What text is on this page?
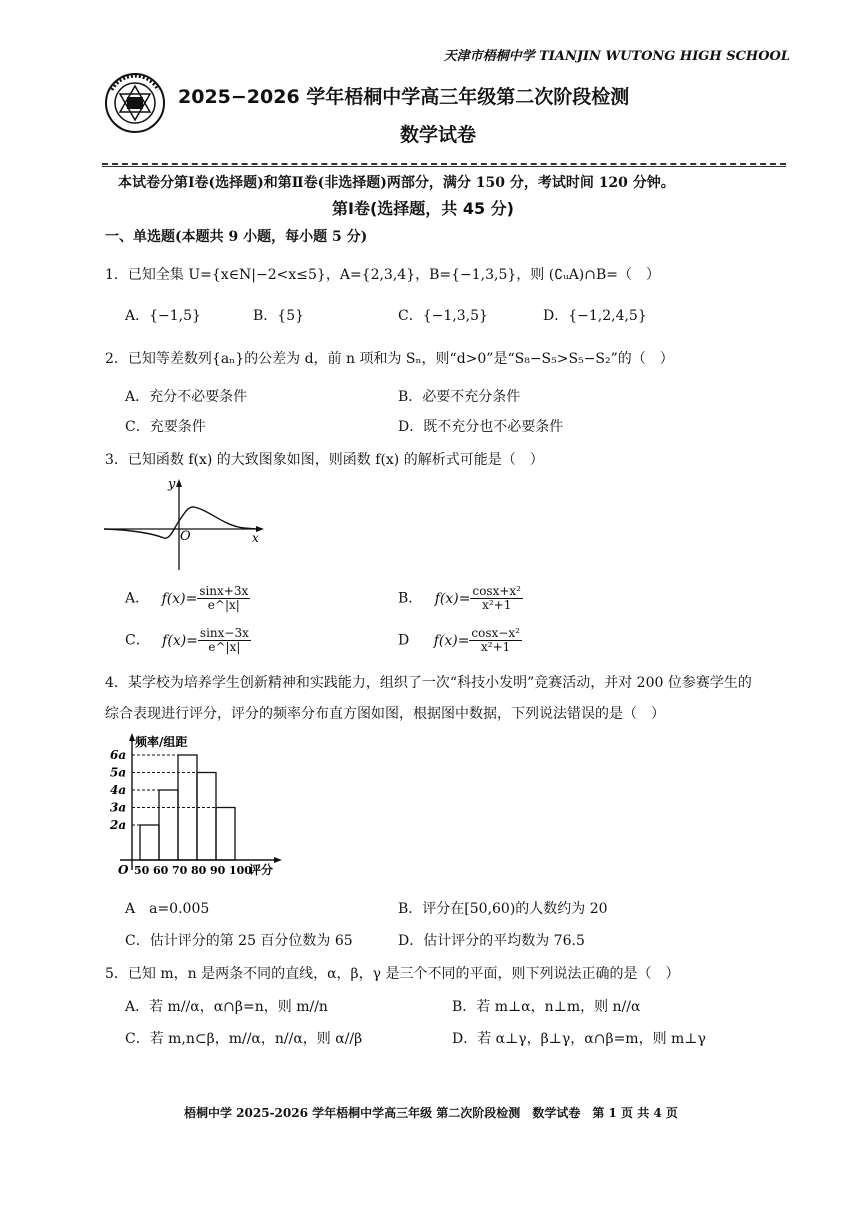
天津市梧桐中学 TIANJIN WUTONG HIGH SCHOOL
2025−2026 学年梧桐中学高三年级第二次阶段检测
数学试卷
本试卷分第Ⅰ卷(选择题)和第Ⅱ卷(非选择题)两部分，满分 150 分，考试时间 120 分钟。
第Ⅰ卷(选择题，共 45 分)
一、单选题(本题共 9 小题，每小题 5 分)
1．已知全集 U={x∈N|−2<x≤5}，A={2,3,4}，B={−1,3,5}，则 (∁ᵤA)∩B=（　）
A．{−1,5}	B．{5}	C．{−1,3,5}	D．{−1,2,4,5}
2．已知等差数列{aₙ}的公差为 d，前 n 项和为 Sₙ，则“d>0”是“S₈−S₅>S₅−S₂”的（　）
A．充分不必要条件	B．必要不充分条件
C．充要条件	D．既不充分也不必要条件
3．已知函数 f(x) 的大致图象如图，则函数 f(x) 的解析式可能是（　）
y
O	x
A． $f(x)= \frac{\sin x+3x}{e\^{}|x|}$	B． $f(x)= \frac{\text{cosx+x²}}{\text{x²+1}}$
C． $f(x)= \frac{\sin x-3x}{e\^{}|x|}$	D $f(x)= \frac{\text{cosx−x²}}{\text{x²+1}}$
4．某学校为培养学生创新精神和实践能力，组织了一次“科技小发明”竞赛活动，并对 200 位参赛学生的
综合表现进行评分，评分的频率分布直方图如图，根据图中数据，下列说法错误的是（　）
2a
3a
4a
5a
6a
50 60 70 80 90 100
O	评分
频率/组距
A　a=0.005	B．评分在[50,60)的人数约为 20
C．估计评分的第 25 百分位数为 65	D．估计评分的平均数为 76.5
5．已知 m，n 是两条不同的直线，α，β，γ 是三个不同的平面，则下列说法正确的是（　）
A．若 m//α，α∩β=n，则 m//n	B．若 m⊥α，n⊥m，则 n//α
C．若 m,n⊂β，m//α，n//α，则 α//β	D．若 α⊥γ，β⊥γ，α∩β=m，则 m⊥γ
梧桐中学 2025-2026 学年梧桐中学高三年级 第二次阶段检测　数学试卷　第 1 页 共 4 页
